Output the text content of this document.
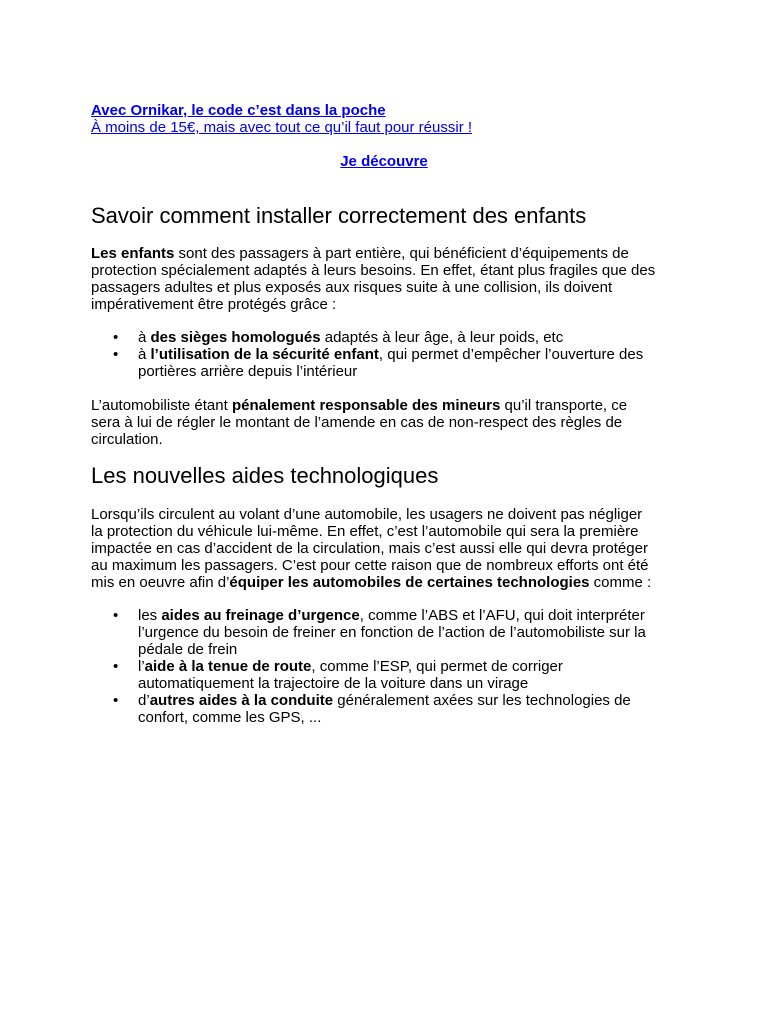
Avec Ornikar, le code c’est dans la poche
À moins de 15€, mais avec tout ce qu’il faut pour réussir !
Je découvre
Savoir comment installer correctement des enfants

Les enfants sont des passagers à part entière, qui bénéficient d’équipements de
protection spécialement adaptés à leurs besoins. En effet, étant plus fragiles que des
passagers adultes et plus exposés aux risques suite à une collision, ils doivent
impérativement être protégés grâce :

• à des sièges homologués adaptés à leur âge, à leur poids, etc
• à l’utilisation de la sécurité enfant, qui permet d’empêcher l’ouverture des
portières arrière depuis l’intérieur

L’automobiliste étant pénalement responsable des mineurs qu’il transporte, ce
sera à lui de régler le montant de l’amende en cas de non-respect des règles de
circulation.

Les nouvelles aides technologiques

Lorsqu’ils circulent au volant d’une automobile, les usagers ne doivent pas négliger
la protection du véhicule lui-même. En effet, c’est l’automobile qui sera la première
impactée en cas d’accident de la circulation, mais c’est aussi elle qui devra protéger
au maximum les passagers. C’est pour cette raison que de nombreux efforts ont été
mis en oeuvre afin d’équiper les automobiles de certaines technologies comme :

• les aides au freinage d’urgence, comme l’ABS et l’AFU, qui doit interpréter
l’urgence du besoin de freiner en fonction de l’action de l’automobiliste sur la
pédale de frein
• l’aide à la tenue de route, comme l’ESP, qui permet de corriger
automatiquement la trajectoire de la voiture dans un virage
• d’autres aides à la conduite généralement axées sur les technologies de
confort, comme les GPS, ...
